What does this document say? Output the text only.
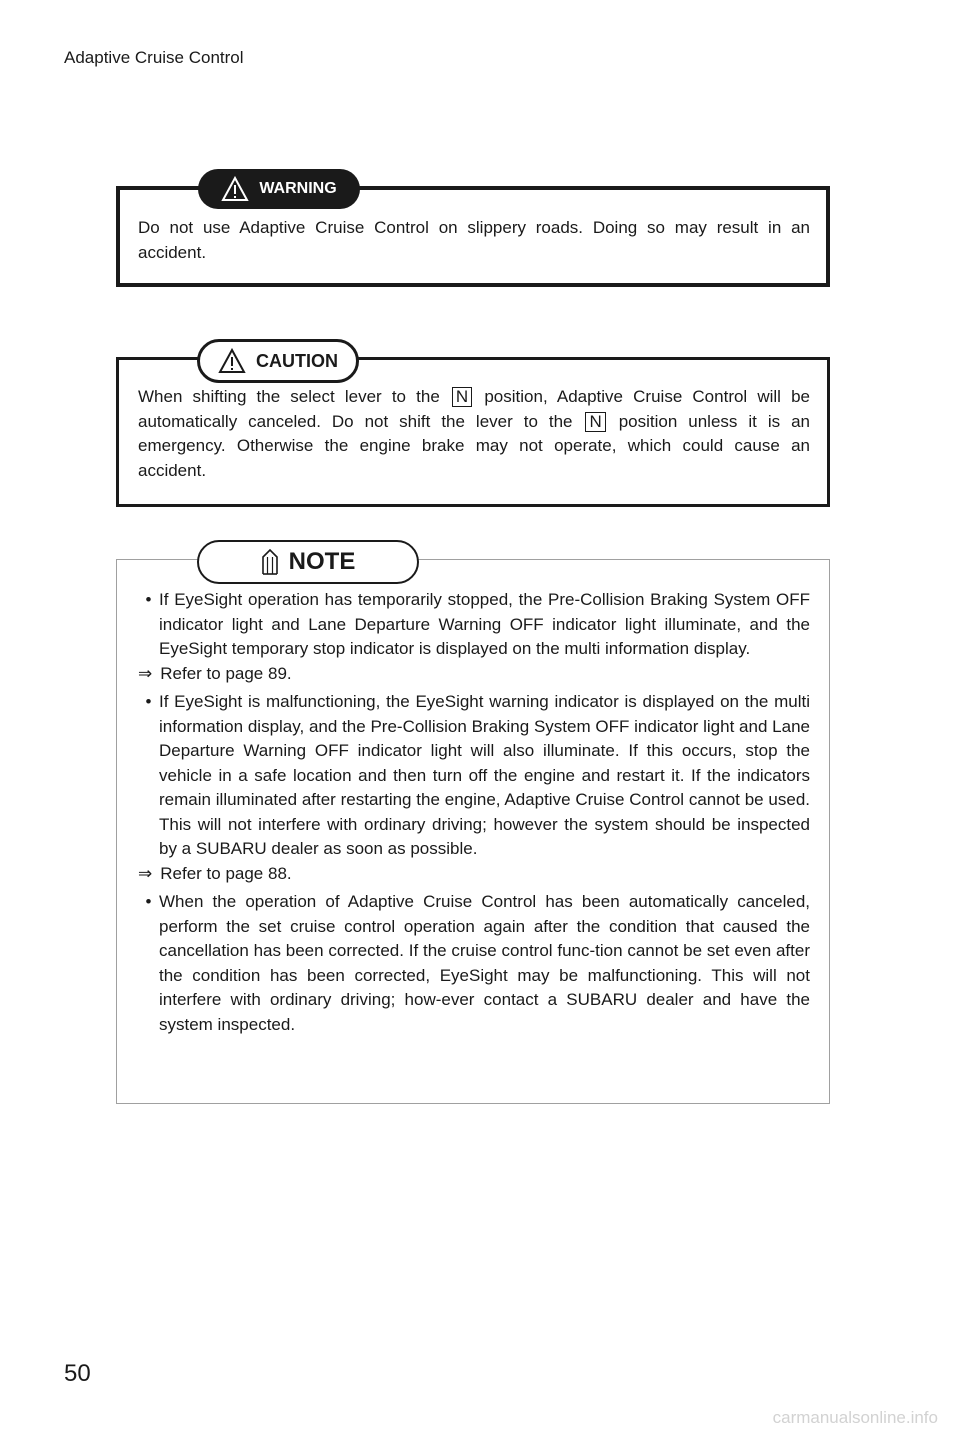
Adaptive Cruise Control
WARNING

Do not use Adaptive Cruise Control on slippery roads. Doing so may result in an accident.

CAUTION

When shifting the select lever to the N position, Adaptive Cruise Control will be automatically canceled. Do not shift the lever to the N position unless it is an emergency. Otherwise the engine brake may not operate, which could cause an accident.

NOTE
• If EyeSight operation has temporarily stopped, the Pre-Collision Braking System OFF indicator light and Lane Departure Warning OFF indicator light illuminate, and the EyeSight temporary stop indicator is displayed on the multi information display.
⇒ Refer to page 89.
• If EyeSight is malfunctioning, the EyeSight warning indicator is displayed on the multi information display, and the Pre-Collision Braking System OFF indicator light and Lane Departure Warning OFF indicator light will also illuminate. If this occurs, stop the vehicle in a safe location and then turn off the engine and restart it. If the indicators remain illuminated after restarting the engine, Adaptive Cruise Control cannot be used. This will not interfere with ordinary driving; however the system should be inspected by a SUBARU dealer as soon as possible.
⇒ Refer to page 88.
• When the operation of Adaptive Cruise Control has been automatically canceled, perform the set cruise control operation again after the condition that caused the cancellation has been corrected. If the cruise control func-tion cannot be set even after the condition has been corrected, EyeSight may be malfunctioning. This will not interfere with ordinary driving; how-ever contact a SUBARU dealer and have the system inspected.
50
carmanualsonline.info
